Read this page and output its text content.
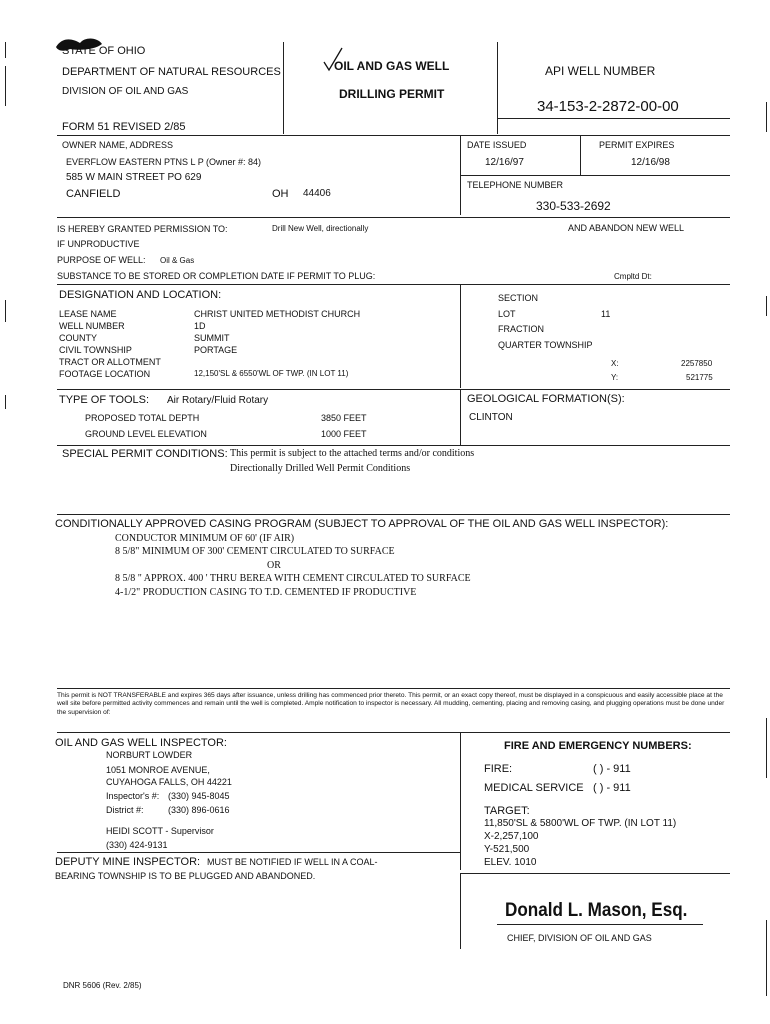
STATE OF OHIO
DEPARTMENT OF NATURAL RESOURCES
DIVISION OF OIL AND GAS
FORM 51 REVISED 2/85
OIL AND GAS WELL
DRILLING PERMIT
API WELL NUMBER
34-153-2-2872-00-00
OWNER NAME, ADDRESS
EVERFLOW EASTERN PTNS L P (Owner #: 84)
585 W MAIN STREET PO 629
CANFIELD	OH 44406
DATE ISSUED
12/16/97
PERMIT EXPIRES
12/16/98
TELEPHONE NUMBER
330-533-2692
IS HEREBY GRANTED PERMISSION TO:	Drill New Well, directionally	AND ABANDON NEW WELL
IF UNPRODUCTIVE
PURPOSE OF WELL: Oil & Gas
SUBSTANCE TO BE STORED OR COMPLETION DATE IF PERMIT TO PLUG:	Cmpltd Dt:
DESIGNATION AND LOCATION:
LEASE NAME	CHRIST UNITED METHODIST CHURCH
WELL NUMBER	1D
COUNTY	SUMMIT
CIVIL TOWNSHIP	PORTAGE
TRACT OR ALLOTMENT
FOOTAGE LOCATION	12,150'SL & 6550'WL OF TWP. (IN LOT 11)
SECTION
LOT	11
FRACTION
QUARTER TOWNSHIP
X:	2257850
Y:	521775
TYPE OF TOOLS: Air Rotary/Fluid Rotary
PROPOSED TOTAL DEPTH	3850 FEET
GROUND LEVEL ELEVATION	1000 FEET
GEOLOGICAL FORMATION(S):
CLINTON
SPECIAL PERMIT CONDITIONS: This permit is subject to the attached terms and/or conditions
Directionally Drilled Well Permit Conditions
CONDITIONALLY APPROVED CASING PROGRAM (SUBJECT TO APPROVAL OF THE OIL AND GAS WELL INSPECTOR):
CONDUCTOR MINIMUM OF 60' (IF AIR)
8 5/8" MINIMUM OF 300' CEMENT CIRCULATED TO SURFACE
OR
8 5/8 " APPROX. 400 ' THRU BEREA WITH CEMENT CIRCULATED TO SURFACE
4-1/2" PRODUCTION CASING TO T.D. CEMENTED IF PRODUCTIVE
This permit is NOT TRANSFERABLE and expires 365 days after issuance, unless drilling has commenced prior thereto. This permit, or an exact copy thereof, must be displayed in a conspicuous and easily accessible place at the well site before permitted activity commences and remain until the well is completed. Ample notification to inspector is necessary. All mudding, cementing, placing and removing casing, and plugging operations must be done under the supervision of:
OIL AND GAS WELL INSPECTOR:
NORBURT LOWDER
1051 MONROE AVENUE,
CUYAHOGA FALLS, OH 44221
Inspector's #: (330) 945-8045
District #:	(330) 896-0616
HEIDI SCOTT - Supervisor
(330) 424-9131
DEPUTY MINE INSPECTOR: MUST BE NOTIFIED IF WELL IN A COAL-
BEARING TOWNSHIP IS TO BE PLUGGED AND ABANDONED.
FIRE AND EMERGENCY NUMBERS:
FIRE:	( ) - 911
MEDICAL SERVICE ( ) - 911
TARGET:
11,850'SL & 5800'WL OF TWP. (IN LOT 11)
X-2,257,100
Y-521,500
ELEV. 1010
Donald L. Mason, Esq.
CHIEF, DIVISION OF OIL AND GAS
DNR 5606 (Rev. 2/85)
